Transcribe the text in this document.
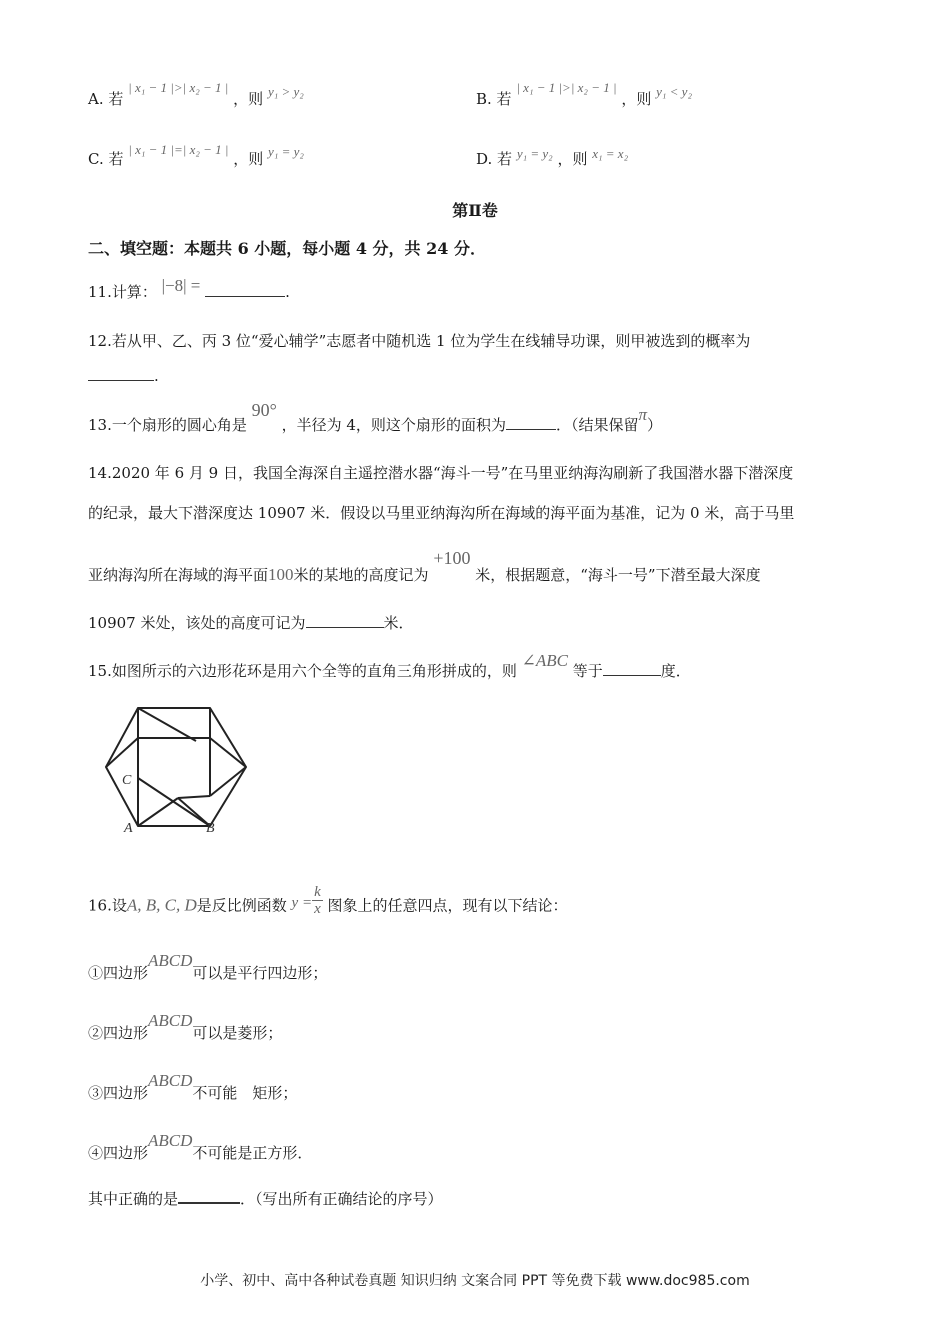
A. 若 | x₁ − 1 |>| x₂ − 1 | ，则 y₁ > y₂	B. 若 | x₁ − 1 |>| x₂ − 1 | ，则 y₁ < y₂
C. 若 | x₁ − 1 |=| x₂ − 1 | ，则 y₁ = y₂	D. 若 y₁ = y₂ ，则 x₁ = x₂
第Ⅱ卷
二、填空题：本题共 6 小题，每小题 4 分，共 24 分．
11.计算： |−8| =	.
12.若从甲、乙、丙 3 位“爱心辅学”志愿者中随机选 1 位为学生在线辅导功课，则甲被选到的概率为
.
13.一个扇形的圆心角是 90° ，半径为 4，则这个扇形的面积为	．（结果保留π）
14.2020 年 6 月 9 日，我国全海深自主遥控潜水器“海斗一号”在马里亚纳海沟刷新了我国潜水器下潜深度
的纪录，最大下潜深度达 10907 米．假设以马里亚纳海沟所在海域的海平面为基准，记为 0 米，高于马里
亚纳海沟所在海域的海平面100米的某地的高度记为 +100 米，根据题意，“海斗一号”下潜至最大深度
10907 米处，该处的高度可记为	米．
15.如图所示的六边形花环是用六个全等的直角三角形拼成的，则 ∠ABC 等于	度．
C
A	B
16.设A, B, C, D是反比例函数 $y = \frac{k}{x}$ 图象上的任意四点，现有以下结论：
①四边形ABCD可以是平行四边形；
②四边形ABCD可以是菱形；
③四边形ABCD不可能　矩形；
④四边形ABCD不可能是正方形．
其中正确的是	．（写出所有正确结论的序号）
小学、初中、高中各种试卷真题 知识归纳 文案合同 PPT 等免费下载 www.doc985.com
